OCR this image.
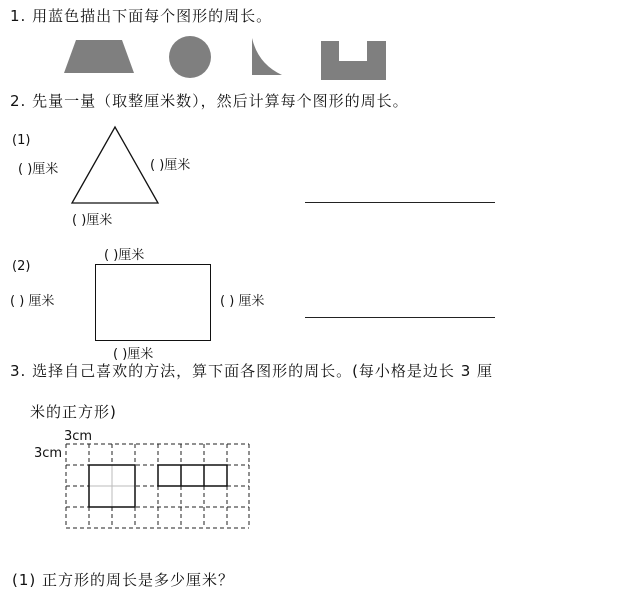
1. 用蓝色描出下面每个图形的周长。
2. 先量一量（取整厘米数），然后计算每个图形的周长。
(1)
( )厘米	( )厘米
( )厘米
(2)
( )厘米
( ) 厘米	( ) 厘米
( )厘米
3. 选择自己喜欢的方法，算下面各图形的周长。(每小格是边长 3 厘
米的正方形)
3cm
3cm
(1) 正方形的周长是多少厘米？
